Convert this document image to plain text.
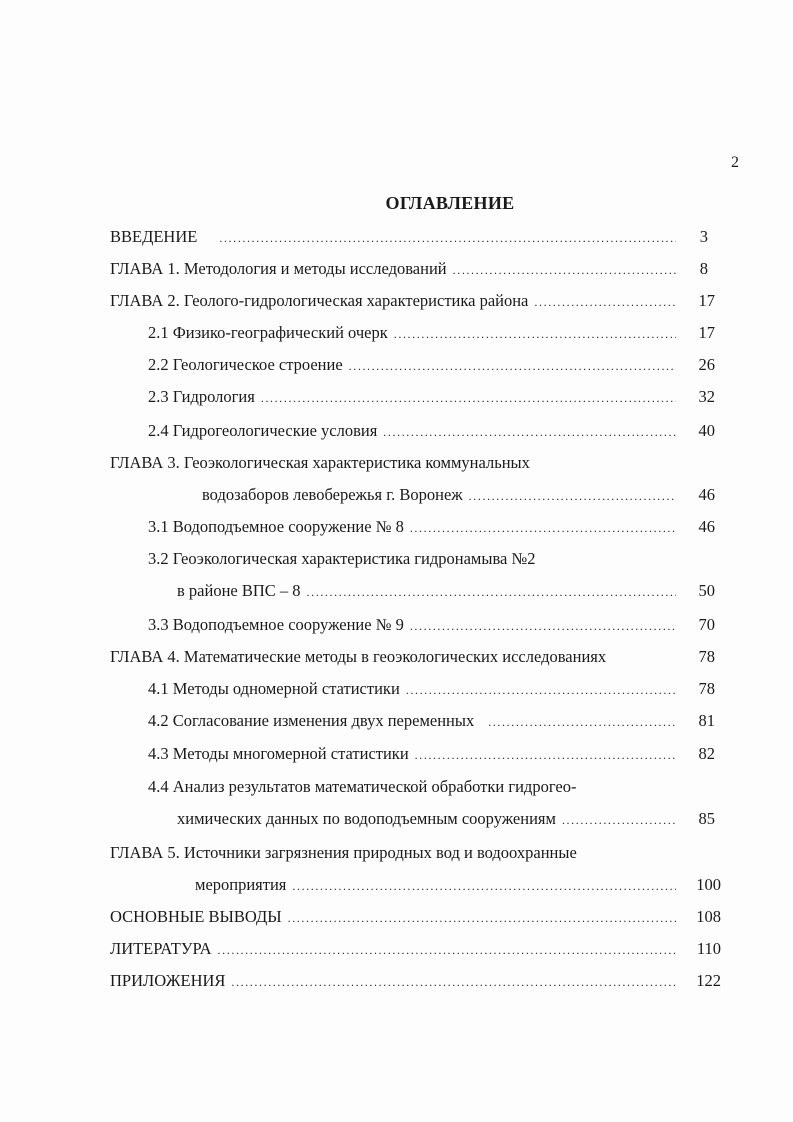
2
ОГЛАВЛЕНИЕ
ВВЕДЕНИЕ .....	3
ГЛАВА 1. Методология и методы исследований .....	8
ГЛАВА 2. Геолого-гидрологическая характеристика района .....	17
2.1 Физико-географический очерк .....	17
2.2 Геологическое строение .....	26
2.3 Гидрология .....	32
2.4 Гидрогеологические условия .....	40
ГЛАВА 3. Геоэкологическая характеристика коммунальных
водозаборов левобережья г. Воронеж .....	46
3.1 Водоподъемное сооружение № 8 .....	46
3.2 Геоэкологическая характеристика гидронамыва №2
в районе ВПС – 8 .....	50
3.3 Водоподъемное сооружение № 9 .....	70
ГЛАВА 4. Математические методы в геоэкологических исследованиях	78
4.1 Методы одномерной статистики .....	78
4.2 Согласование изменения двух переменных .....	81
4.3 Методы многомерной статистики .....	82
4.4 Анализ результатов математической обработки гидрогео-
химических данных по водоподъемным сооружениям .....	85
ГЛАВА 5. Источники загрязнения природных вод и водоохранные
мероприятия .....	100
ОСНОВНЫЕ ВЫВОДЫ .....	108
ЛИТЕРАТУРА .....	110
ПРИЛОЖЕНИЯ .....	122
